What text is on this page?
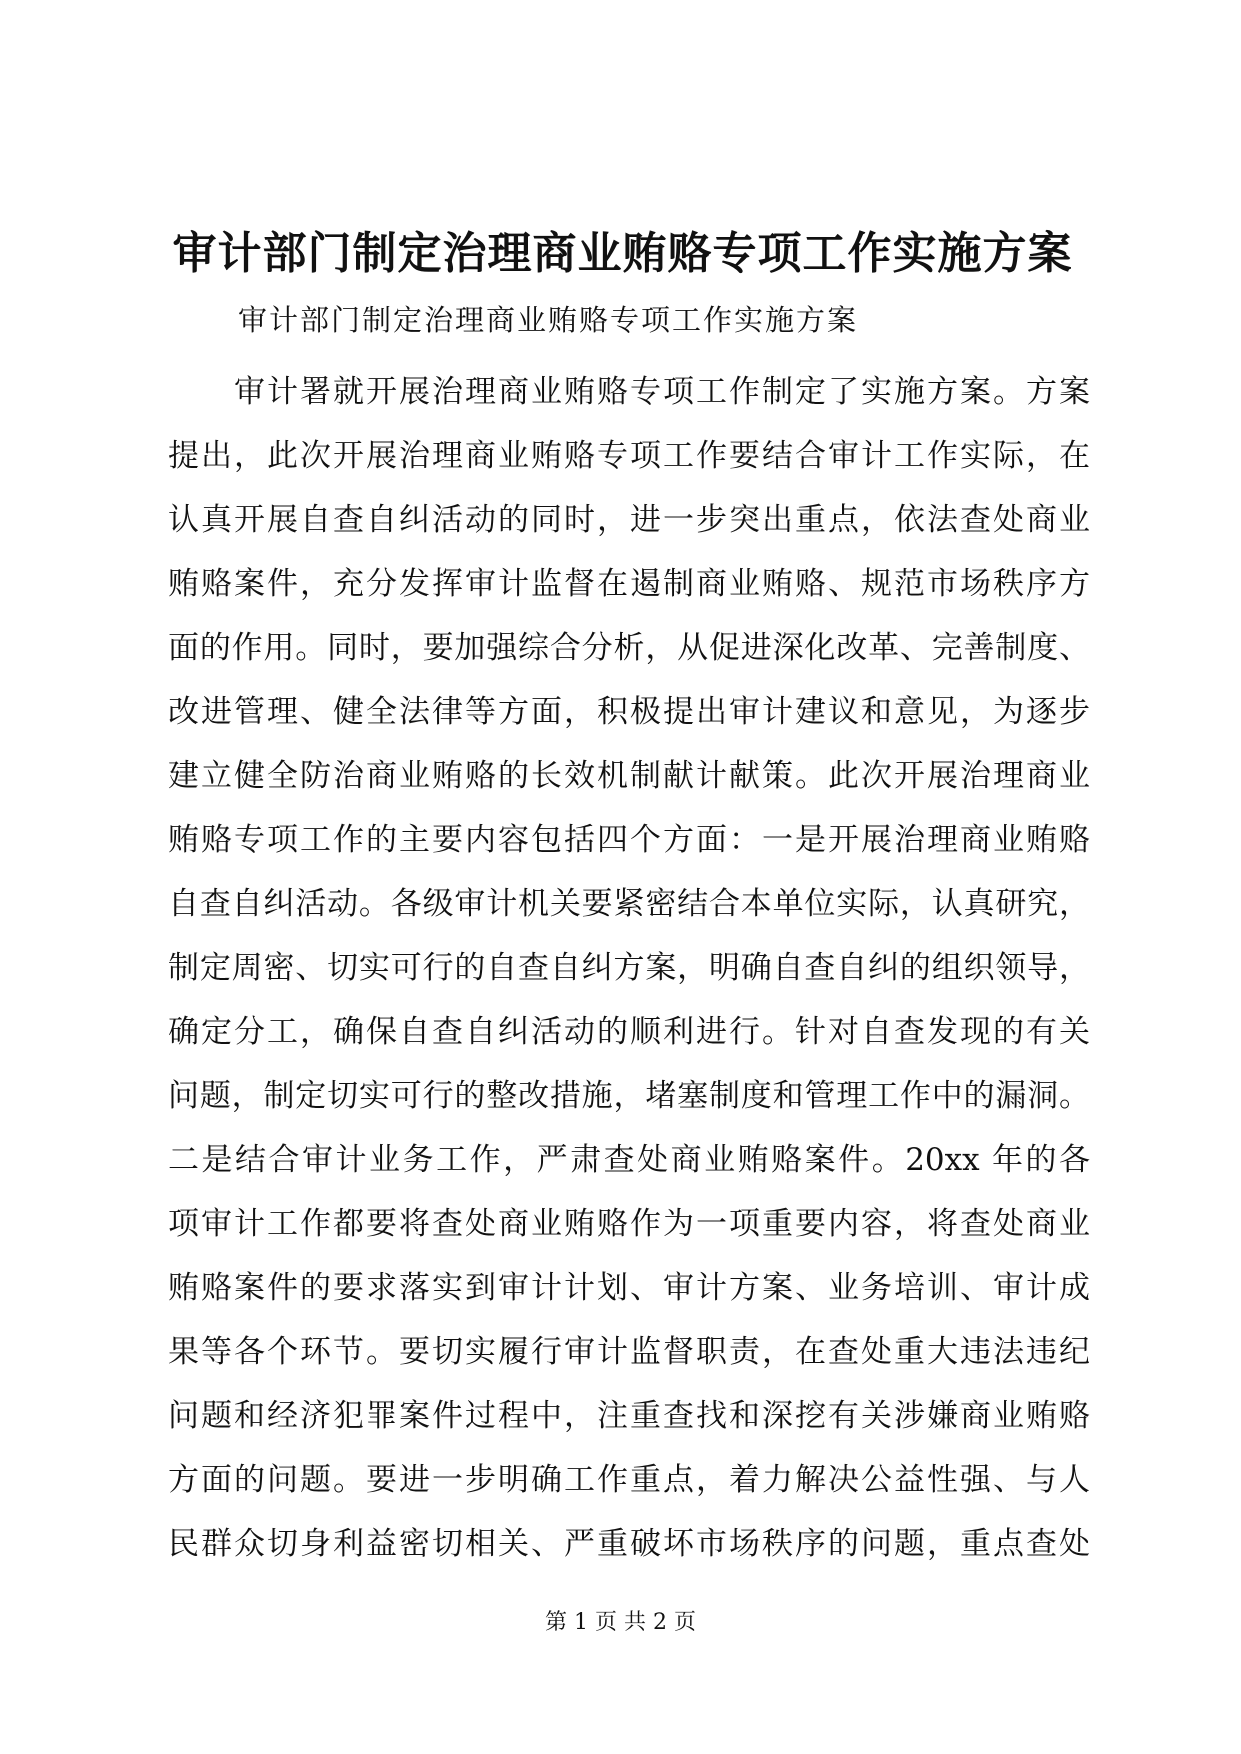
审计部门制定治理商业贿赂专项工作实施方案
审计部门制定治理商业贿赂专项工作实施方案
审计署就开展治理商业贿赂专项工作制定了实施方案。方案
提出，此次开展治理商业贿赂专项工作要结合审计工作实际，在
认真开展自查自纠活动的同时，进一步突出重点，依法查处商业
贿赂案件，充分发挥审计监督在遏制商业贿赂、规范市场秩序方
面的作用。同时，要加强综合分析，从促进深化改革、完善制度、
改进管理、健全法律等方面，积极提出审计建议和意见，为逐步
建立健全防治商业贿赂的长效机制献计献策。此次开展治理商业
贿赂专项工作的主要内容包括四个方面：一是开展治理商业贿赂
自查自纠活动。各级审计机关要紧密结合本单位实际，认真研究，
制定周密、切实可行的自查自纠方案，明确自查自纠的组织领导，
确定分工，确保自查自纠活动的顺利进行。针对自查发现的有关
问题，制定切实可行的整改措施，堵塞制度和管理工作中的漏洞。
二是结合审计业务工作，严肃查处商业贿赂案件。20xx 年的各
项审计工作都要将查处商业贿赂作为一项重要内容，将查处商业
贿赂案件的要求落实到审计计划、审计方案、业务培训、审计成
果等各个环节。要切实履行审计监督职责，在查处重大违法违纪
问题和经济犯罪案件过程中，注重查找和深挖有关涉嫌商业贿赂
方面的问题。要进一步明确工作重点，着力解决公益性强、与人
民群众切身利益密切相关、严重破坏市场秩序的问题，重点查处
第 1 页 共 2 页
